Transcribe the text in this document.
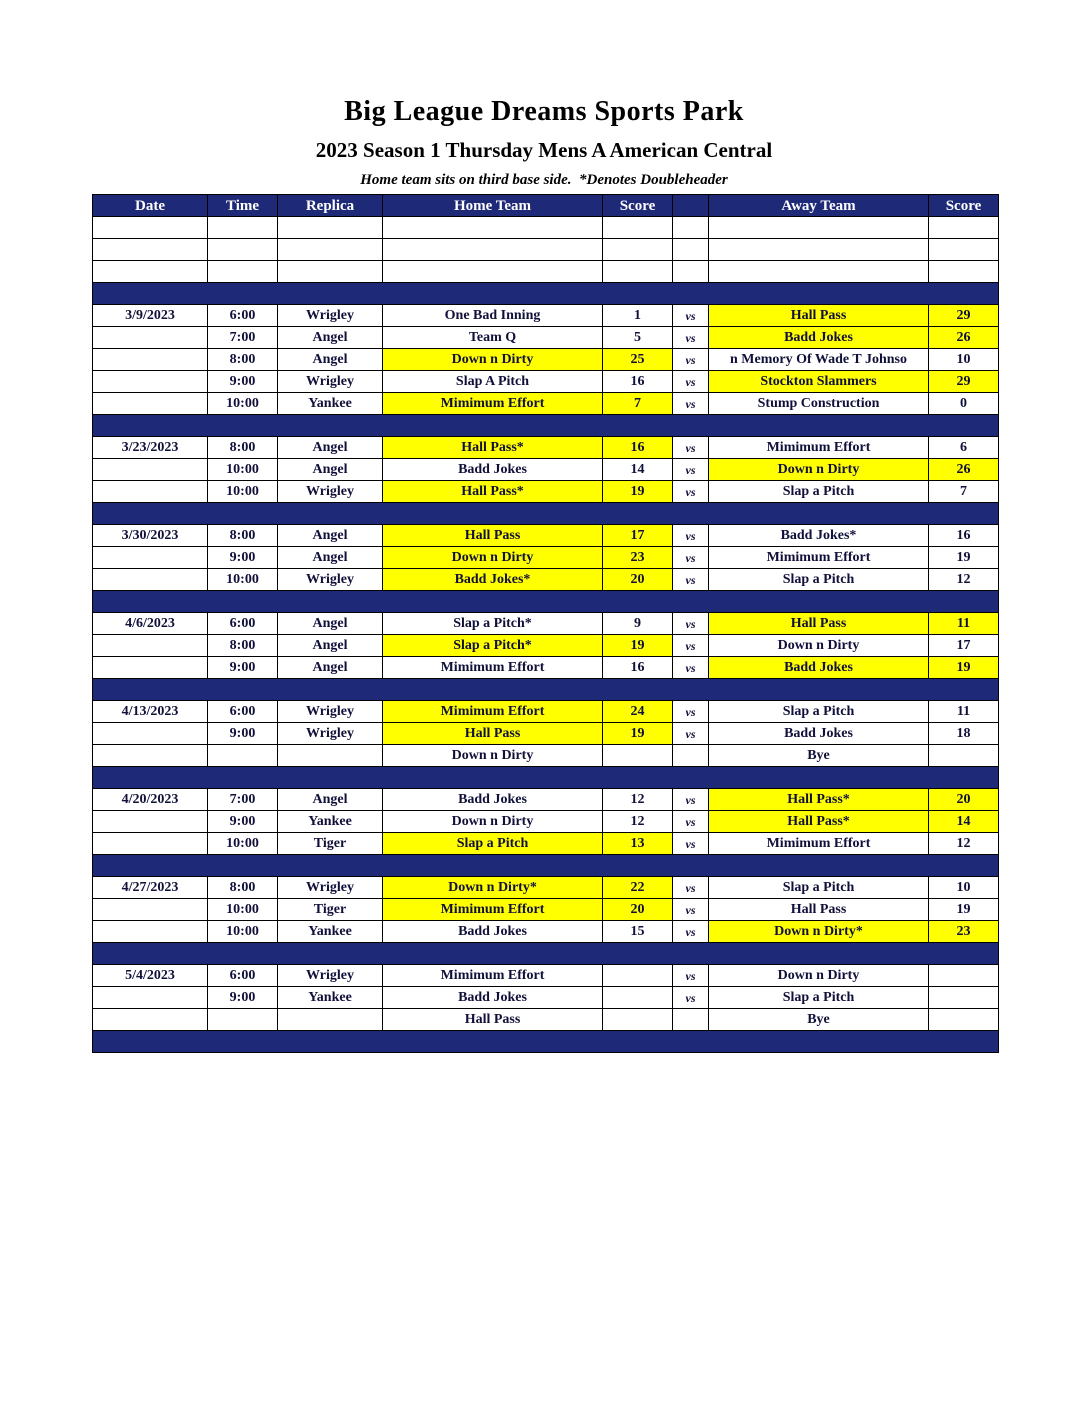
Big League Dreams Sports Park
2023 Season 1 Thursday Mens A American Central
Home team sits on third base side.  *Denotes Doubleheader
Date	Time	Replica	Home Team	Score		Away Team	Score

3/9/2023	6:00	Wrigley	One Bad Inning	1	vs	Hall Pass	29
	7:00	Angel	Team Q	5	vs	Badd Jokes	26
	8:00	Angel	Down n Dirty	25	vs	n Memory Of Wade T Johnso	10
	9:00	Wrigley	Slap A Pitch	16	vs	Stockton Slammers	29
	10:00	Yankee	Mimimum Effort	7	vs	Stump Construction	0

3/23/2023	8:00	Angel	Hall Pass*	16	vs	Mimimum Effort	6
	10:00	Angel	Badd Jokes	14	vs	Down n Dirty	26
	10:00	Wrigley	Hall Pass*	19	vs	Slap a Pitch	7

3/30/2023	8:00	Angel	Hall Pass	17	vs	Badd Jokes*	16
	9:00	Angel	Down n Dirty	23	vs	Mimimum Effort	19
	10:00	Wrigley	Badd Jokes*	20	vs	Slap a Pitch	12

4/6/2023	6:00	Angel	Slap a Pitch*	9	vs	Hall Pass	11
	8:00	Angel	Slap a Pitch*	19	vs	Down n Dirty	17
	9:00	Angel	Mimimum Effort	16	vs	Badd Jokes	19

4/13/2023	6:00	Wrigley	Mimimum Effort	24	vs	Slap a Pitch	11
	9:00	Wrigley	Hall Pass	19	vs	Badd Jokes	18
			Down n Dirty			Bye	

4/20/2023	7:00	Angel	Badd Jokes	12	vs	Hall Pass*	20
	9:00	Yankee	Down n Dirty	12	vs	Hall Pass*	14
	10:00	Tiger	Slap a Pitch	13	vs	Mimimum Effort	12

4/27/2023	8:00	Wrigley	Down n Dirty*	22	vs	Slap a Pitch	10
	10:00	Tiger	Mimimum Effort	20	vs	Hall Pass	19
	10:00	Yankee	Badd Jokes	15	vs	Down n Dirty*	23

5/4/2023	6:00	Wrigley	Mimimum Effort		vs	Down n Dirty	
	9:00	Yankee	Badd Jokes		vs	Slap a Pitch	
			Hall Pass			Bye	
